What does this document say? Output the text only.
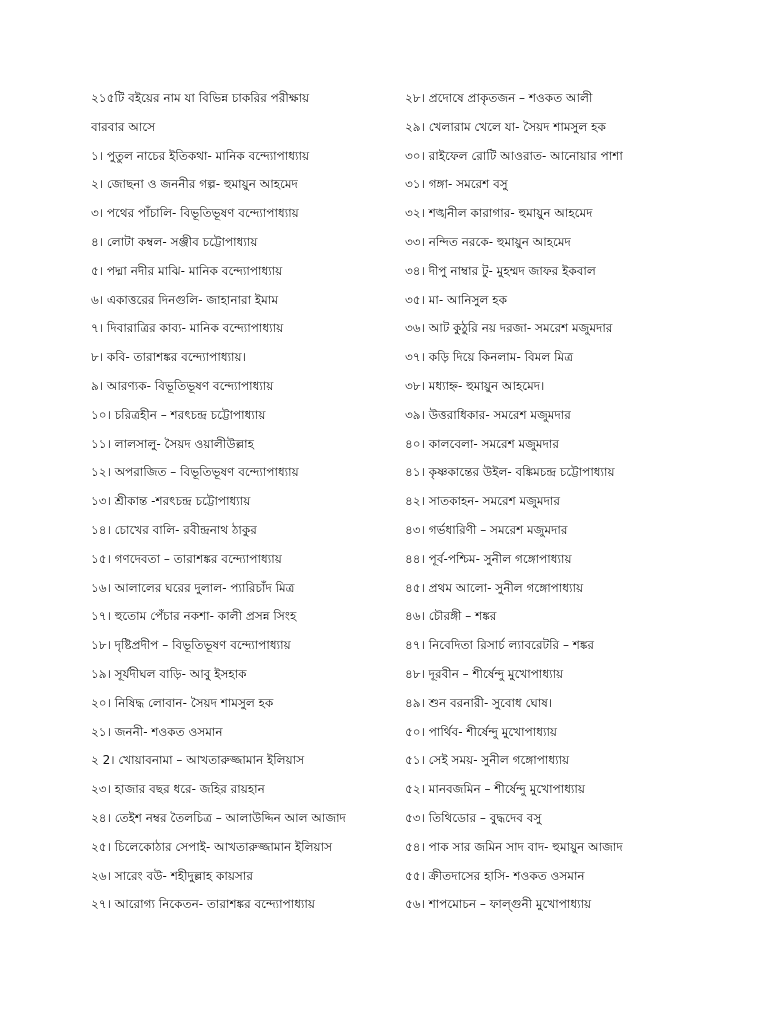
২১৫টি বইয়ের নাম যা বিভিন্ন চাকরির পরীক্ষায়
বারবার আসে
১। পুতুল নাচের ইতিকথা- মানিক বন্দ্যোপাধ্যায়
২। জোছনা ও জননীর গল্প- হুমায়ুন আহমেদ
৩। পথের পাঁচালি- বিভূতিভূষণ বন্দ্যোপাধ্যায়
৪। লোটা কম্বল- সঞ্জীব চট্টোপাধ্যায়
৫। পদ্মা নদীর মাঝি- মানিক বন্দ্যোপাধ্যায়
৬। একাত্তরের দিনগুলি- জাহানারা ইমাম
৭। দিবারাত্রির কাব্য- মানিক বন্দ্যোপাধ্যায়
৮। কবি- তারাশঙ্কর বন্দ্যোপাধ্যায়।
৯। আরণ্যক- বিভূতিভূষণ বন্দ্যোপাধ্যায়
১০। চরিত্রহীন – শরৎচন্দ্র চট্টোপাধ্যায়
১১। লালসালু- সৈয়দ ওয়ালীউল্লাহ
১২। অপরাজিত – বিভূতিভূষণ বন্দ্যোপাধ্যায়
১৩। শ্রীকান্ত -শরৎচন্দ্র চট্টোপাধ্যায়
১৪। চোখের বালি- রবীন্দ্রনাথ ঠাকুর
১৫। গণদেবতা – তারাশঙ্কর বন্দ্যোপাধ্যায়
১৬। আলালের ঘরের দুলাল- প্যারিচাঁদ মিত্র
১৭। হুতোম পেঁচার নকশা- কালী প্রসন্ন সিংহ
১৮। দৃষ্টিপ্রদীপ – বিভূতিভূষণ বন্দ্যোপাধ্যায়
১৯। সূর্যদীঘল বাড়ি- আবু ইসহাক
২০। নিষিদ্ধ লোবান- সৈয়দ শামসুল হক
২১। জননী- শওকত ওসমান
২ 2। খোয়াবনামা – আখতারুজ্জামান ইলিয়াস
২৩। হাজার বছর ধরে- জহির রায়হান
২৪। তেইশ নম্বর তৈলচিত্র – আলাউদ্দিন আল আজাদ
২৫। চিলেকোঠার সেপাই- আখতারুজ্জামান ইলিয়াস
২৬। সারেং বউ- শহীদুল্লাহ কায়সার
২৭। আরোগ্য নিকেতন- তারাশঙ্কর বন্দ্যোপাধ্যায়
২৮। প্রদোষে প্রাকৃতজন – শওকত আলী
২৯। খেলারাম খেলে যা- সৈয়দ শামসুল হক
৩০। রাইফেল রোটি আওরাত- আনোয়ার পাশা
৩১। গঙ্গা- সমরেশ বসু
৩২। শঙ্খনীল কারাগার- হুমায়ুন আহমেদ
৩৩। নন্দিত নরকে- হুমায়ুন আহমেদ
৩৪। দীপু নাম্বার টু- মুহম্মদ জাফর ইকবাল
৩৫। মা- আনিসুল হক
৩৬। আট কুঠুরি নয় দরজা- সমরেশ মজুমদার
৩৭। কড়ি দিয়ে কিনলাম- বিমল মিত্র
৩৮। মধ্যাহ্ন- হুমায়ুন আহমেদ।
৩৯। উত্তরাধিকার- সমরেশ মজুমদার
৪০। কালবেলা- সমরেশ মজুমদার
৪১। কৃষ্ণকান্তের উইল- বঙ্কিমচন্দ্র চট্টোপাধ্যায়
৪২। সাতকাহন- সমরেশ মজুমদার
৪৩। গর্ভধারিণী – সমরেশ মজুমদার
৪৪। পূর্ব-পশ্চিম- সুনীল গঙ্গোপাধ্যায়
৪৫। প্রথম আলো- সুনীল গঙ্গোপাধ্যায়
৪৬। চৌরঙ্গী – শঙ্কর
৪৭। নিবেদিতা রিসার্চ ল্যাবরেটরি – শঙ্কর
৪৮। দূরবীন – শীর্ষেন্দু মুখোপাধ্যায়
৪৯। শুন বরনারী- সুবোধ ঘোষ।
৫০। পার্থিব- শীর্ষেন্দু মুখোপাধ্যায়
৫১। সেই সময়- সুনীল গঙ্গোপাধ্যায়
৫২। মানবজমিন – শীর্ষেন্দু মুখোপাধ্যায়
৫৩। তিথিডোর – বুদ্ধদেব বসু
৫৪। পাক সার জমিন সাদ বাদ- হুমায়ুন আজাদ
৫৫। ক্রীতদাসের হাসি- শওকত ওসমান
৫৬। শাপমোচন – ফাল্গুনী মুখোপাধ্যায়
